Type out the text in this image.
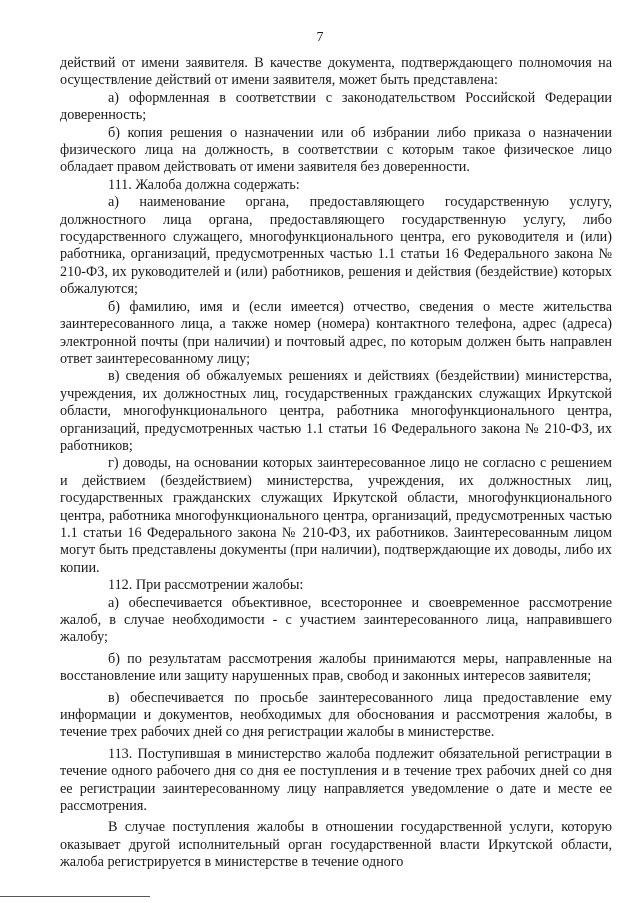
7

действий от имени заявителя. В качестве документа, подтверждающего полномочия на осуществление действий от имени заявителя, может быть представлена:

а) оформленная в соответствии с законодательством Российской Федерации доверенность;

б) копия решения о назначении или об избрании либо приказа о назначении физического лица на должность, в соответствии с которым такое физическое лицо обладает правом действовать от имени заявителя без доверенности.

111. Жалоба должна содержать:

а) наименование органа, предоставляющего государственную услугу, должностного лица органа, предоставляющего государственную услугу, либо государственного служащего, многофункционального центра, его руководителя и (или) работника, организаций, предусмотренных частью 1.1 статьи 16 Федерального закона № 210-ФЗ, их руководителей и (или) работников, решения и действия (бездействие) которых обжалуются;

б) фамилию, имя и (если имеется) отчество, сведения о месте жительства заинтересованного лица, а также номер (номера) контактного телефона, адрес (адреса) электронной почты (при наличии) и почтовый адрес, по которым должен быть направлен ответ заинтересованному лицу;

в) сведения об обжалуемых решениях и действиях (бездействии) министерства, учреждения, их должностных лиц, государственных гражданских служащих Иркутской области, многофункционального центра, работника многофункционального центра, организаций, предусмотренных частью 1.1 статьи 16 Федерального закона № 210-ФЗ, их работников;

г) доводы, на основании которых заинтересованное лицо не согласно с решением и действием (бездействием) министерства, учреждения, их должностных лиц, государственных гражданских служащих Иркутской области, многофункционального центра, работника многофункционального центра, организаций, предусмотренных частью 1.1 статьи 16 Федерального закона № 210-ФЗ, их работников. Заинтересованным лицом могут быть представлены документы (при наличии), подтверждающие их доводы, либо их копии.

112. При рассмотрении жалобы:

а) обеспечивается объективное, всестороннее и своевременное рассмотрение жалоб, в случае необходимости - с участием заинтересованного лица, направившего жалобу;

б) по результатам рассмотрения жалобы принимаются меры, направленные на восстановление или защиту нарушенных прав, свобод и законных интересов заявителя;

в) обеспечивается по просьбе заинтересованного лица предоставление ему информации и документов, необходимых для обоснования и рассмотрения жалобы, в течение трех рабочих дней со дня регистрации жалобы в министерстве.

113. Поступившая в министерство жалоба подлежит обязательной регистрации в течение одного рабочего дня со дня ее поступления и в течение трех рабочих дней со дня ее регистрации заинтересованному лицу направляется уведомление о дате и месте ее рассмотрения.

В случае поступления жалобы в отношении государственной услуги, которую оказывает другой исполнительный орган государственной власти Иркутской области, жалоба регистрируется в министерстве в течение одного
